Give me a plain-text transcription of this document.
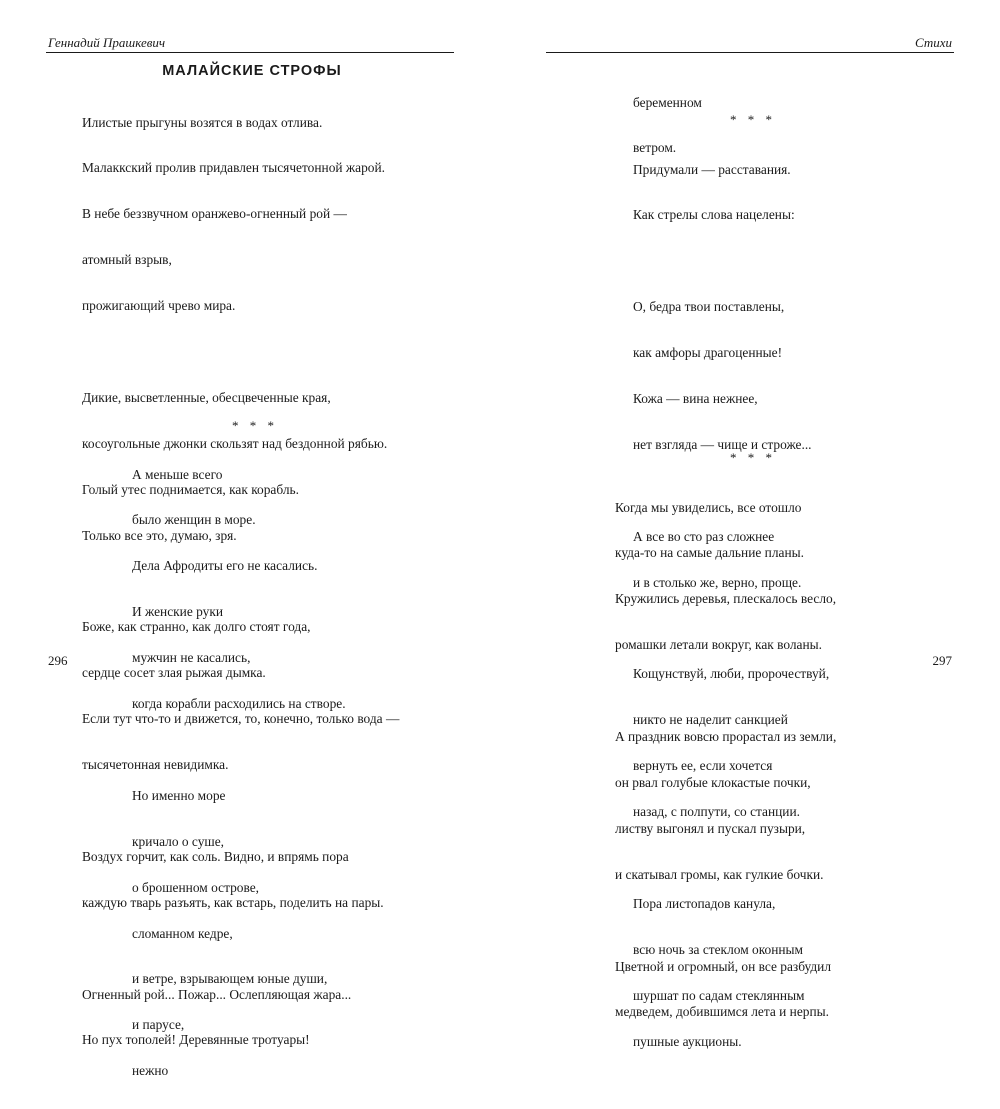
Геннадий Прашкевич
МАЛАЙСКИЕ СТРОФЫ

Илистые прыгуны возятся в водах отлива.

Малаккский пролив придавлен тысячетонной жарой.

В небе беззвучном оранжево-огненный рой —

атомный взрыв,

прожигающий чрево мира.

Дикие, высветленные, обесцвеченные края,

косоугольные джонки скользят над бездонной рябью.

Голый утес поднимается, как корабль.

Только все это, думаю, зря.

Боже, как странно, как долго стоят года,

сердце сосет злая рыжая дымка.

Если тут что-то и движется, то, конечно, только вода —

тысячетонная невидимка.

Воздух горчит, как соль. Видно, и впрямь пора

каждую тварь разъять, как встарь, поделить на пары.

Огненный рой... Пожар... Ослепляющая жара...

Но пух тополей! Деревянные тротуары!

* * *

А меньше всего

было женщин в море.

Дела Афродиты его не касались.

И женские руки

мужчин не касались,

когда корабли расходились на створе.

Но именно море

кричало о суше,

о брошенном острове,

сломанном кедре,

и ветре, взрывающем юные души,

и парусе,

нежно

296
Стихи

беременном

ветром.

* * *

Придумали — расставания.

Как стрелы слова нацелены:

О, бедра твои поставлены,

как амфоры драгоценные!

Кожа — вина нежнее,

нет взгляда — чище и строже...

А все во сто раз сложнее

и в столько же, верно, проще.

Кощунствуй, люби, пророчествуй,

никто не наделит санкцией

вернуть ее, если хочется

назад, с полпути, со станции.

Пора листопадов канула,

всю ночь за стеклом оконным

шуршат по садам стеклянным

пушные аукционы.

* * *

Когда мы увиделись, все отошло

куда-то на самые дальние планы.

Кружились деревья, плескалось весло,

ромашки летали вокруг, как воланы.

А праздник вовсю прорастал из земли,

он рвал голубые клокастые почки,

листву выгонял и пускал пузыри,

и скатывал громы, как гулкие бочки.

Цветной и огромный, он все разбудил

медведем, добившимся лета и нерпы.

297
